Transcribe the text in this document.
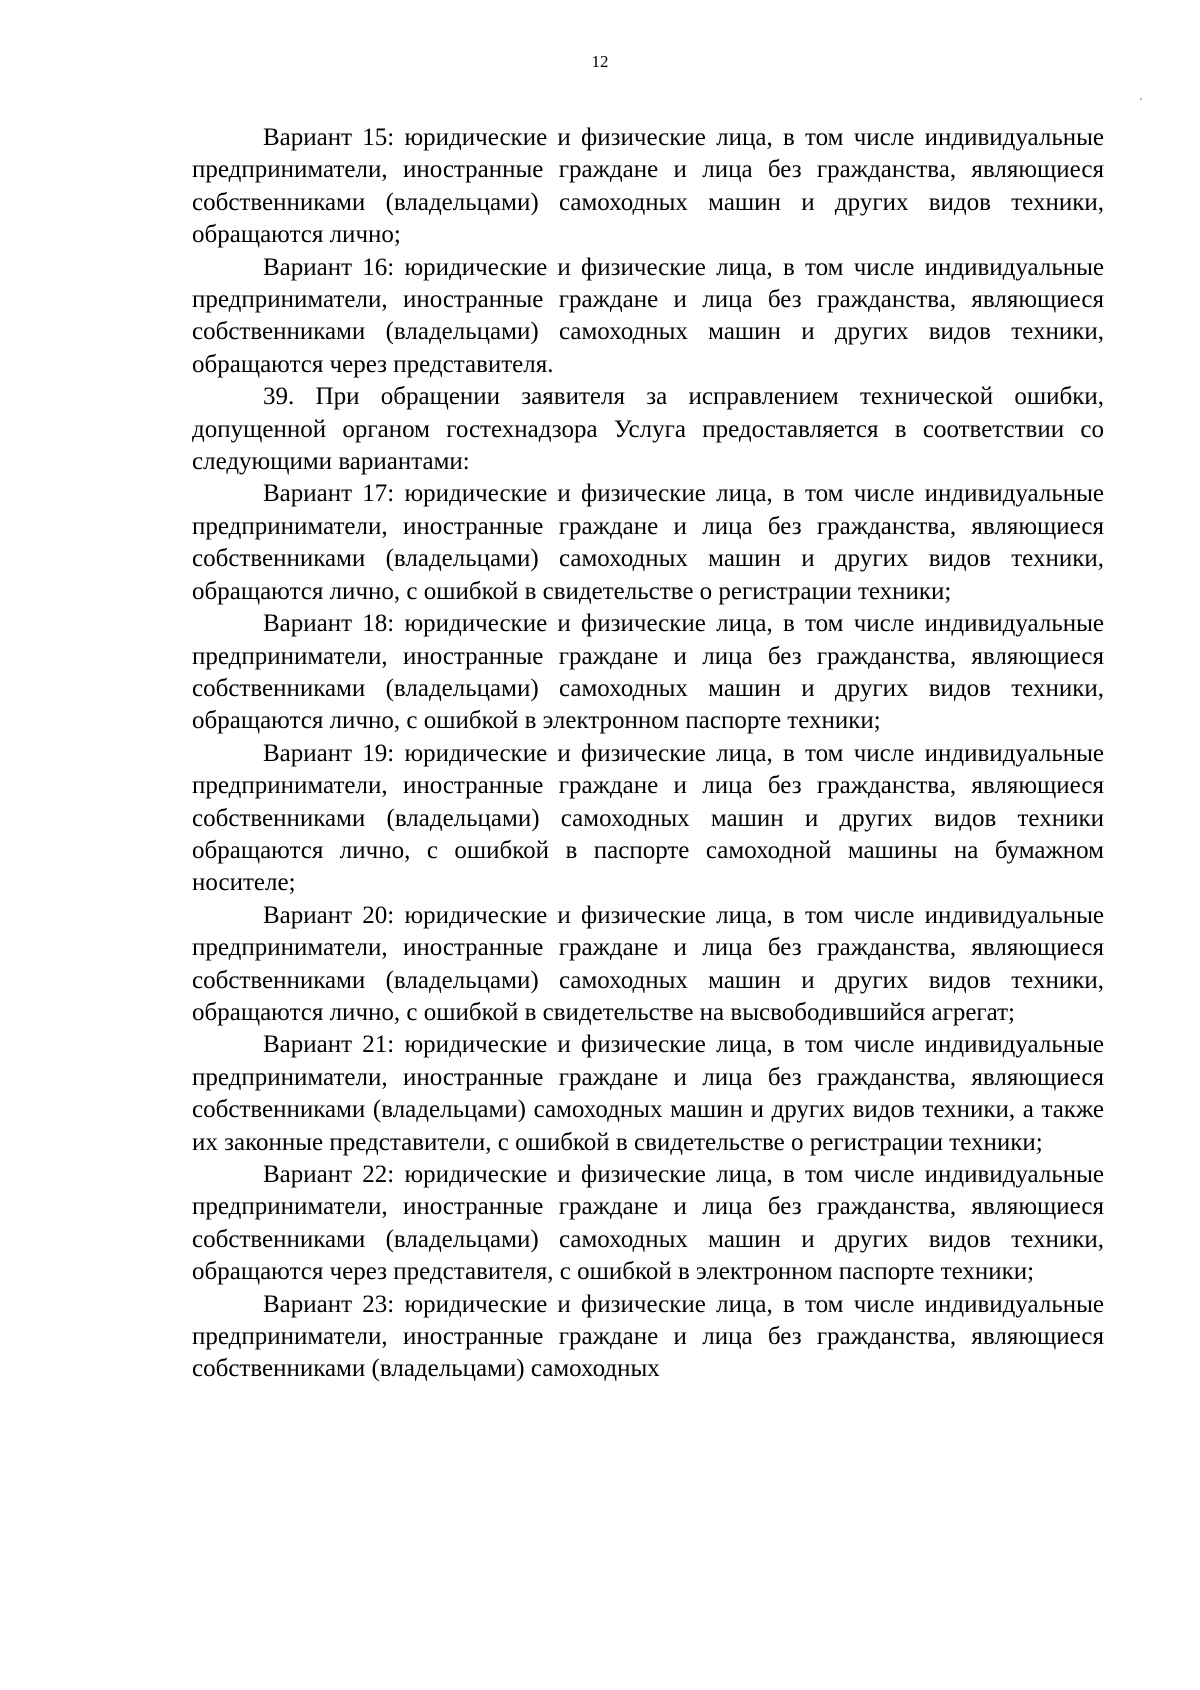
12

Вариант 15: юридические и физические лица, в том числе индивидуальные предприниматели, иностранные граждане и лица без гражданства, являющиеся собственниками (владельцами) самоходных машин и других видов техники, обращаются лично;

Вариант 16: юридические и физические лица, в том числе индивидуальные предприниматели, иностранные граждане и лица без гражданства, являющиеся собственниками (владельцами) самоходных машин и других видов техники, обращаются через представителя.

39. При обращении заявителя за исправлением технической ошибки, допущенной органом гостехнадзора Услуга предоставляется в соответствии со следующими вариантами:

Вариант 17: юридические и физические лица, в том числе индивидуальные предприниматели, иностранные граждане и лица без гражданства, являющиеся собственниками (владельцами) самоходных машин и других видов техники, обращаются лично, с ошибкой в свидетельстве о регистрации техники;

Вариант 18: юридические и физические лица, в том числе индивидуальные предприниматели, иностранные граждане и лица без гражданства, являющиеся собственниками (владельцами) самоходных машин и других видов техники, обращаются лично, с ошибкой в электронном паспорте техники;

Вариант 19: юридические и физические лица, в том числе индивидуальные предприниматели, иностранные граждане и лица без гражданства, являющиеся собственниками (владельцами) самоходных машин и других видов техники обращаются лично, с ошибкой в паспорте самоходной машины на бумажном носителе;

Вариант 20: юридические и физические лица, в том числе индивидуальные предприниматели, иностранные граждане и лица без гражданства, являющиеся собственниками (владельцами) самоходных машин и других видов техники, обращаются лично, с ошибкой в свидетельстве на высвободившийся агрегат;

Вариант 21: юридические и физические лица, в том числе индивидуальные предприниматели, иностранные граждане и лица без гражданства, являющиеся собственниками (владельцами) самоходных машин и других видов техники, а также их законные представители, с ошибкой в свидетельстве о регистрации техники;

Вариант 22: юридические и физические лица, в том числе индивидуальные предприниматели, иностранные граждане и лица без гражданства, являющиеся собственниками (владельцами) самоходных машин и других видов техники, обращаются через представителя, с ошибкой в электронном паспорте техники;

Вариант 23: юридические и физические лица, в том числе индивидуальные предприниматели, иностранные граждане и лица без гражданства, являющиеся собственниками (владельцами) самоходных
